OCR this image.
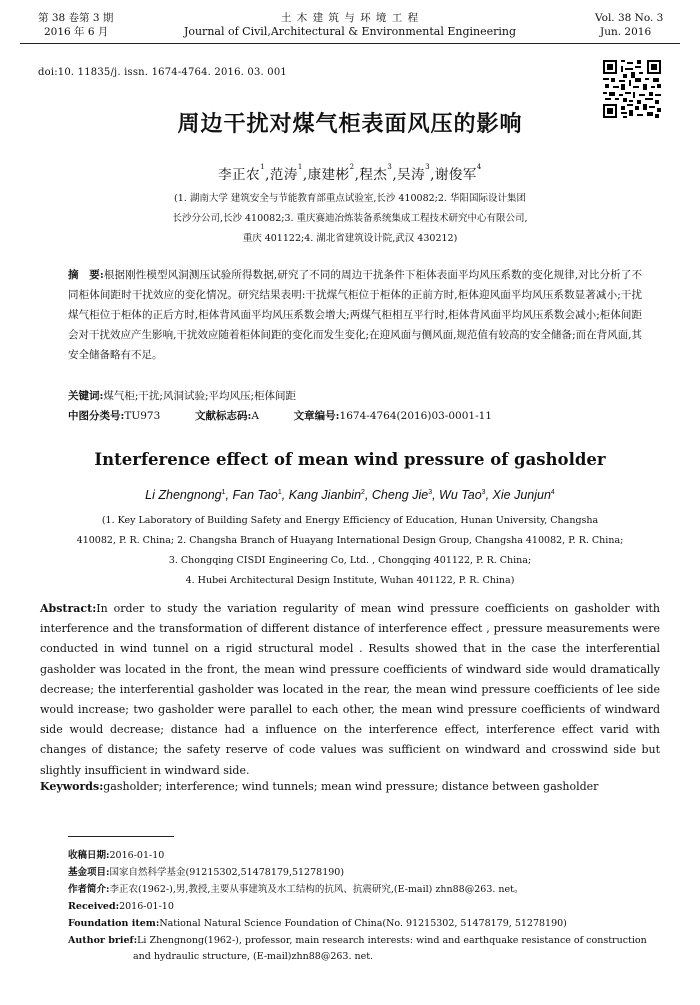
第 38 卷第 3 期
2016 年 6 月
土 木 建 筑 与 环 境 工 程
Journal of Civil,Architectural & Environmental Engineering
Vol. 38 No. 3
Jun. 2016
doi:10. 11835/j. issn. 1674-4764. 2016. 03. 001
周边干扰对煤气柜表面风压的影响
李正农$^1$,范涛$^1$,康建彬$^2$,程杰$^3$,吴涛$^3$,谢俊军$^4$
(1. 湖南大学 建筑安全与节能教育部重点试验室,长沙 410082;2. 华阳国际设计集团
长沙分公司,长沙 410082;3. 重庆赛迪冶炼装备系统集成工程技术研究中心有限公司,
重庆 401122;4. 湖北省建筑设计院,武汉 430212)
摘　要:根据刚性模型风洞测压试验所得数据,研究了不同的周边干扰条件下柜体表面平均风压系数的变化规律,对比分析了不同柜体间距时干扰效应的变化情况。研究结果表明:干扰煤气柜位于柜体的正前方时,柜体迎风面平均风压系数显著减小;干扰煤气柜位于柜体的正后方时,柜体背风面平均风压系数会增大;两煤气柜相互平行时,柜体背风面平均风压系数会减小;柜体间距会对干扰效应产生影响,干扰效应随着柜体间距的变化而发生变化;在迎风面与侧风面,规范值有较高的安全储备;而在背风面,其安全储备略有不足。
关键词:煤气柜;干扰;风洞试验;平均风压;柜体间距
中图分类号:TU973	文献标志码:A	文章编号:1674-4764(2016)03-0001-11
Interference effect of mean wind pressure of gasholder
Li Zhengnong$^1$, Fan Tao$^1$, Kang Jianbin$^2$, Cheng Jie$^3$, Wu Tao$^3$, Xie Junjun$^4$
(1. Key Laboratory of Building Safety and Energy Efficiency of Education, Hunan University, Changsha
410082, P. R. China; 2. Changsha Branch of Huayang International Design Group, Changsha 410082, P. R. China;
3. Chongqing CISDI Engineering Co, Ltd. , Chongqing 401122, P. R. China;
4. Hubei Architectural Design Institute, Wuhan 401122, P. R. China)
Abstract:In order to study the variation regularity of mean wind pressure coefficients on gasholder with interference and the transformation of different distance of interference effect , pressure measurements were conducted in wind tunnel on a rigid structural model . Results showed that in the case the interferential gasholder was located in the front, the mean wind pressure coefficients of windward side would dramatically decrease; the interferential gasholder was located in the rear, the mean wind pressure coefficients of lee side would increase; two gasholder were parallel to each other, the mean wind pressure coefficients of windward side would decrease; distance had a influence on the interference effect, interference effect varid with changes of distance; the safety reserve of code values was sufficient on windward and crosswind side but slightly insufficient in windward side.
Keywords:gasholder; interference; wind tunnels; mean wind pressure; distance between gasholder
收稿日期:2016-01-10
基金项目:国家自然科学基金(91215302,51478179,51278190)
作者简介:李正农(1962-),男,教授,主要从事建筑及水工结构的抗风、抗震研究,(E-mail) zhn88@263. net。
Received:2016-01-10
Foundation item:National Natural Science Foundation of China(No. 91215302, 51478179, 51278190)
Author brief:Li Zhengnong(1962-), professor, main research interests: wind and earthquake resistance of construction
and hydraulic structure, (E-mail)zhn88@263. net.
